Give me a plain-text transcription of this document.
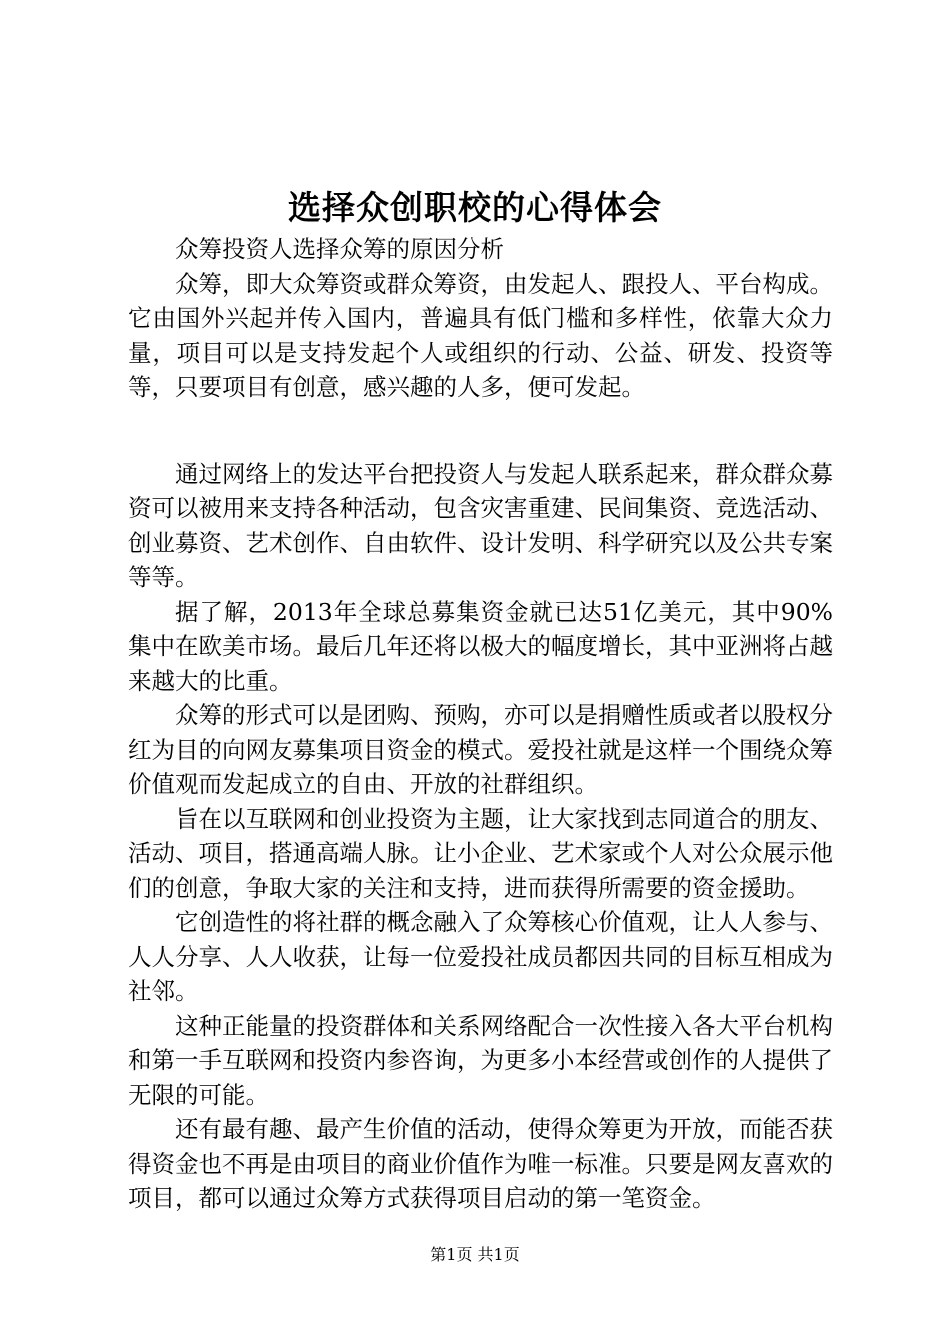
选择众创职校的心得体会

众筹投资人选择众筹的原因分析

众筹，即大众筹资或群众筹资，由发起人、跟投人、平台构成。它由国外兴起并传入国内，普遍具有低门槛和多样性，依靠大众力量，项目可以是支持发起个人或组织的行动、公益、研发、投资等等，只要项目有创意，感兴趣的人多，便可发起。

通过网络上的发达平台把投资人与发起人联系起来，群众群众募资可以被用来支持各种活动，包含灾害重建、民间集资、竞选活动、创业募资、艺术创作、自由软件、设计发明、科学研究以及公共专案等等。

据了解，2013年全球总募集资金就已达51亿美元，其中90%集中在欧美市场。最后几年还将以极大的幅度增长，其中亚洲将占越来越大的比重。

众筹的形式可以是团购、预购，亦可以是捐赠性质或者以股权分红为目的向网友募集项目资金的模式。爱投社就是这样一个围绕众筹价值观而发起成立的自由、开放的社群组织。

旨在以互联网和创业投资为主题，让大家找到志同道合的朋友、活动、项目，搭通高端人脉。让小企业、艺术家或个人对公众展示他们的创意，争取大家的关注和支持，进而获得所需要的资金援助。

它创造性的将社群的概念融入了众筹核心价值观，让人人参与、人人分享、人人收获，让每一位爱投社成员都因共同的目标互相成为社邻。

这种正能量的投资群体和关系网络配合一次性接入各大平台机构和第一手互联网和投资内参咨询，为更多小本经营或创作的人提供了无限的可能。

还有最有趣、最产生价值的活动，使得众筹更为开放，而能否获得资金也不再是由项目的商业价值作为唯一标准。只要是网友喜欢的项目，都可以通过众筹方式获得项目启动的第一笔资金。

第1页 共1页
